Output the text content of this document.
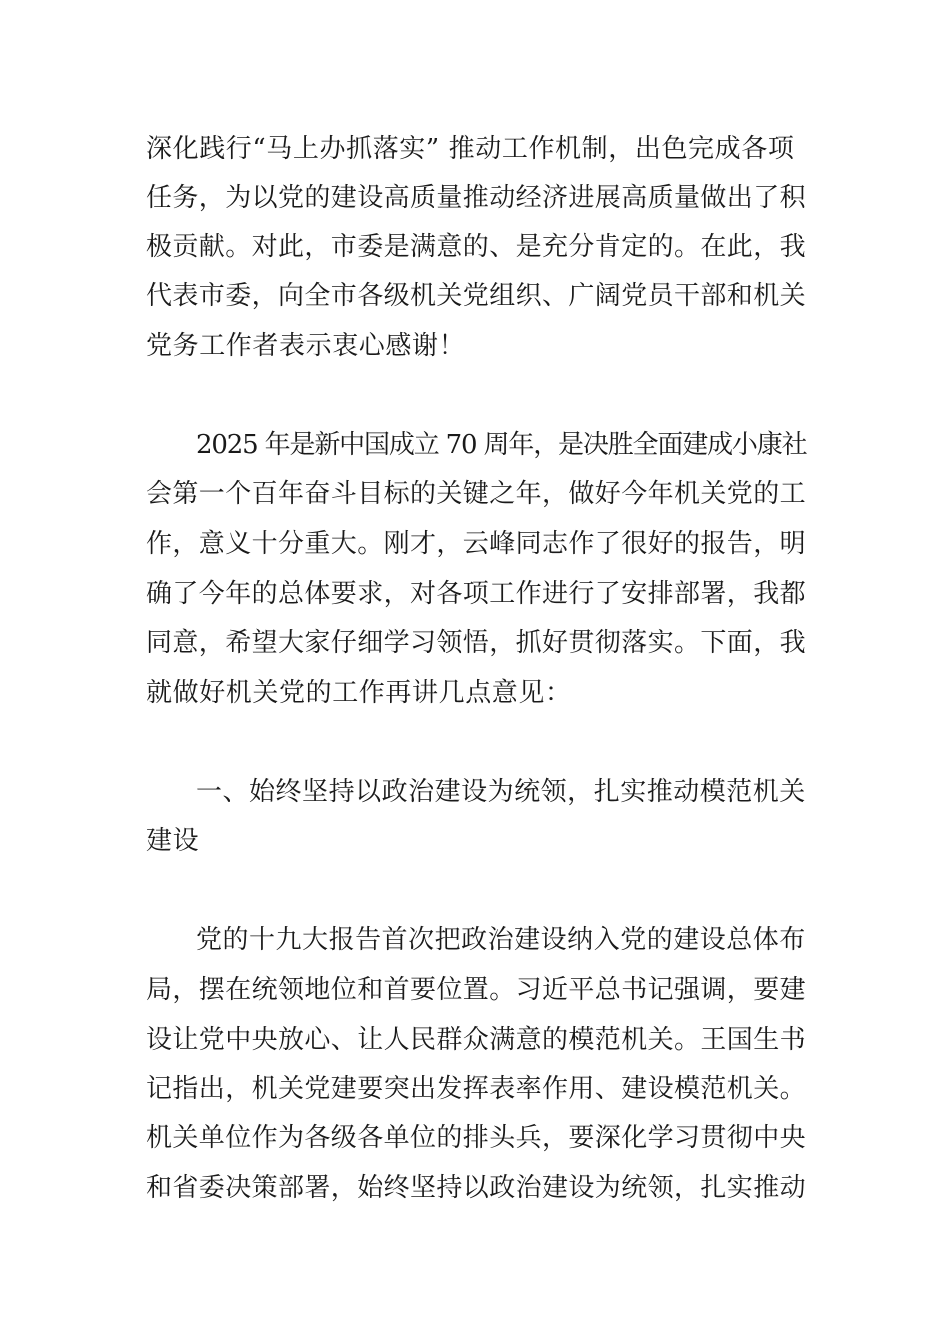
深化践行“马上办抓落实” 推动工作机制，出色完成各项
任务，为以党的建设高质量推动经济进展高质量做出了积
极贡献。对此，市委是满意的、是充分肯定的。在此，我
代表市委，向全市各级机关党组织、广阔党员干部和机关
党务工作者表示衷心感谢！
2025 年是新中国成立 70 周年，是决胜全面建成小康社
会第一个百年奋斗目标的关键之年，做好今年机关党的工
作，意义十分重大。刚才，云峰同志作了很好的报告，明
确了今年的总体要求，对各项工作进行了安排部署，我都
同意，希望大家仔细学习领悟，抓好贯彻落实。下面，我
就做好机关党的工作再讲几点意见：
一、始终坚持以政治建设为统领，扎实推动模范机关
建设
党的十九大报告首次把政治建设纳入党的建设总体布
局，摆在统领地位和首要位置。习近平总书记强调，要建
设让党中央放心、让人民群众满意的模范机关。王国生书
记指出，机关党建要突出发挥表率作用、建设模范机关。
机关单位作为各级各单位的排头兵，要深化学习贯彻中央
和省委决策部署，始终坚持以政治建设为统领，扎实推动
